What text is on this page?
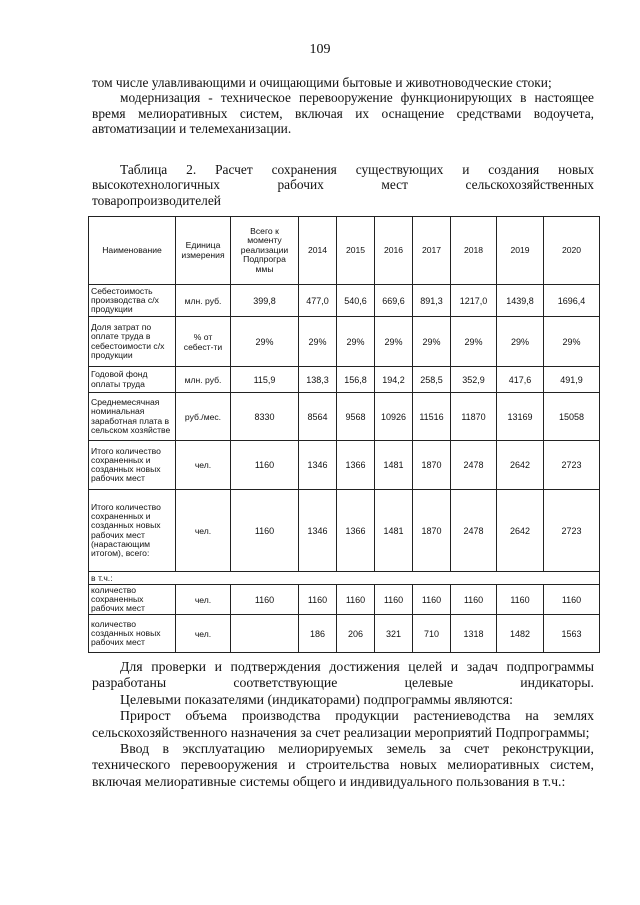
109

том числе улавливающими и очищающими бытовые и животноводческие стоки;

модернизация - техническое перевооружение функционирующих в настоящее время мелиоративных систем, включая их оснащение средствами водоучета, автоматизации и телемеханизации.

Таблица 2. Расчет сохранения существующих и создания новых

высокотехнологичных рабочих мест сельскохозяйственных

товаропроизводителей

Наименование	Единица измерения	Всего к моменту реализации Подпрогра ммы	2014	2015	2016	2017	2018	2019	2020
Себестоимость производства с/х продукции	млн. руб.	399,8	477,0	540,6	669,6	891,3	1217,0	1439,8	1696,4
Доля затрат по оплате труда в себестоимости с/х продукции	% от себест-ти	29%	29%	29%	29%	29%	29%	29%	29%
Годовой фонд оплаты труда	млн. руб.	115,9	138,3	156,8	194,2	258,5	352,9	417,6	491,9
Среднемесячная номинальная заработная плата в сельском хозяйстве	руб./мес.	8330	8564	9568	10926	11516	11870	13169	15058
Итого количество сохраненных и созданных новых рабочих мест	чел.	1160	1346	1366	1481	1870	2478	2642	2723
Итого количество сохраненных и созданных новых рабочих мест (нарастающим итогом), всего:	чел.	1160	1346	1366	1481	1870	2478	2642	2723
в т.ч.:									
количество сохраненных рабочих мест	чел.	1160	1160	1160	1160	1160	1160	1160	1160
количество созданных новых рабочих мест	чел.		186	206	321	710	1318	1482	1563

Для проверки и подтверждения достижения целей и задач подпрограммы разработаны соответствующие целевые индикаторы.

Целевыми показателями (индикаторами) подпрограммы являются:

Прирост объема производства продукции растениеводства на землях сельскохозяйственного назначения за счет реализации мероприятий Подпрограммы;

Ввод в эксплуатацию мелиорируемых земель за счет реконструкции, технического перевооружения и строительства новых мелиоративных систем, включая мелиоративные системы общего и индивидуального пользования в т.ч.:
